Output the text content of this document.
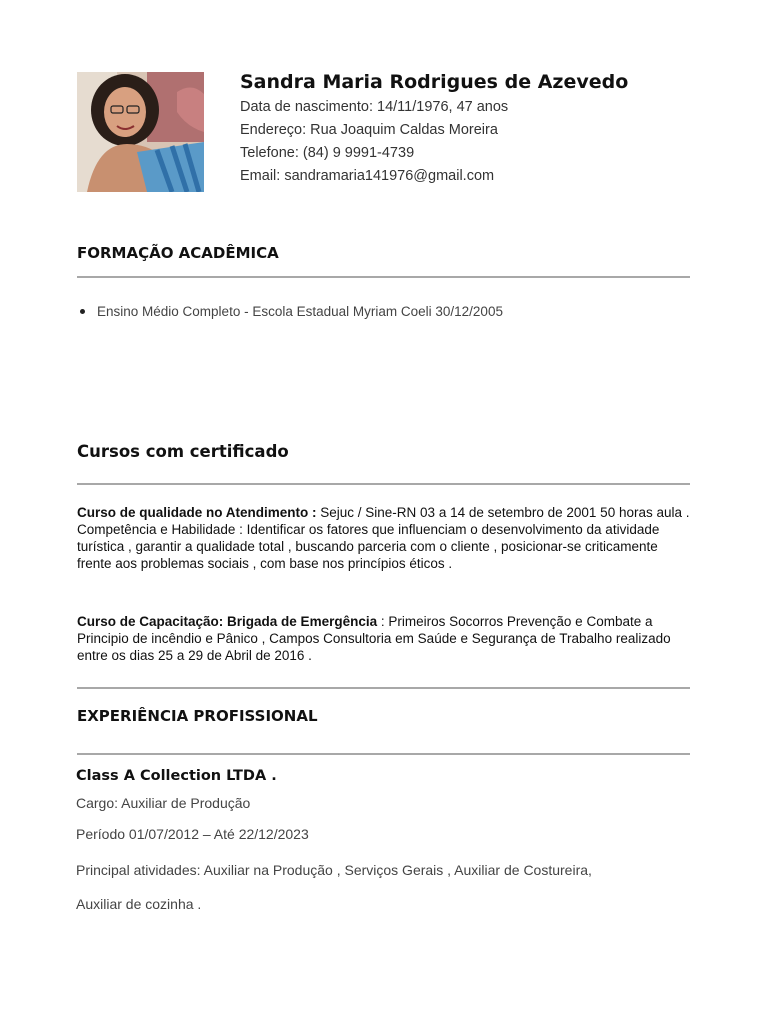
Sandra Maria Rodrigues de Azevedo
Data de nascimento: 14/11/1976, 47 anos
Endereço: Rua Joaquim Caldas Moreira
Telefone: (84) 9 9991-4739
Email: sandramaria141976@gmail.com
FORMAÇÃO ACADÊMICA
Ensino Médio Completo - Escola Estadual Myriam Coeli 30/12/2005
Cursos com certificado
Curso de qualidade no Atendimento : Sejuc / Sine-RN 03 a 14 de setembro de 2001 50 horas aula .
Competência e Habilidade : Identificar os fatores que influenciam o desenvolvimento da atividade turística , garantir a qualidade total , buscando parceria com o cliente , posicionar-se criticamente frente aos problemas sociais , com base nos princípios éticos .
Curso de Capacitação: Brigada de Emergência : Primeiros Socorros Prevenção e Combate a Principio de incêndio e Pânico , Campos Consultoria em Saúde e Segurança de Trabalho realizado entre os dias 25 a 29 de Abril de 2016 .
EXPERIÊNCIA PROFISSIONAL
Class A Collection LTDA .
Cargo: Auxiliar de Produção
Período 01/07/2012 – Até 22/12/2023
Principal atividades: Auxiliar na Produção , Serviços Gerais , Auxiliar de Costureira,
Auxiliar de cozinha .
